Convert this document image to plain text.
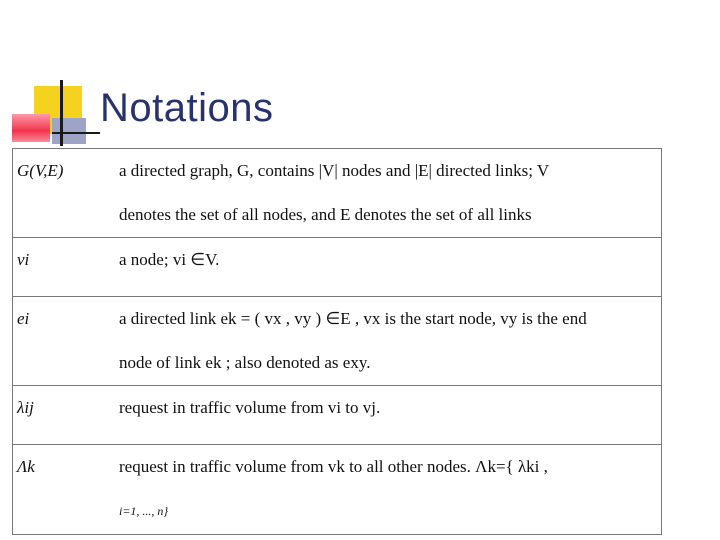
Notations
G(V,E)	a directed graph, G, contains |V| nodes and |E| directed links; V
denotes the set of all nodes, and E denotes the set of all links

vi	a node; vi ∈V.

ei	a directed link ek = ( vx , vy ) ∈E , vx is the start node, vy is the end
node of link ek ; also denoted as exy.

λij	request in traffic volume from vi to vj.

Λk	request in traffic volume from vk to all other nodes. Λk={ λki ,
i=1, ..., n}
